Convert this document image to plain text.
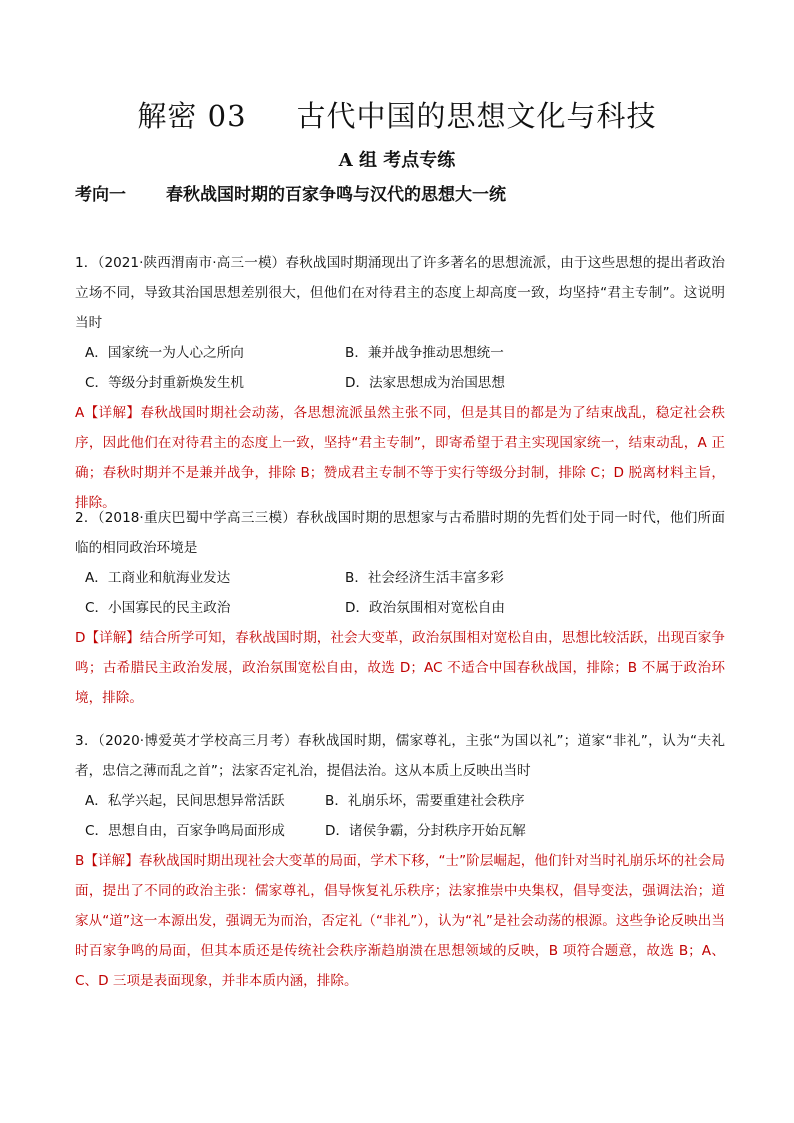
解密 03 古代中国的思想文化与科技
A 组 考点专练
考向一 春秋战国时期的百家争鸣与汉代的思想大一统
1．（2021·陕西渭南市·高三一模）春秋战国时期涌现出了许多著名的思想流派，由于这些思想的提出者政治立场不同，导致其治国思想差别很大，但他们在对待君主的态度上却高度一致，均坚持“君主专制”。这说明当时
A．国家统一为人心之所向	B．兼并战争推动思想统一
C．等级分封重新焕发生机	D．法家思想成为治国思想
A【详解】春秋战国时期社会动荡，各思想流派虽然主张不同，但是其目的都是为了结束战乱，稳定社会秩序，因此他们在对待君主的态度上一致，坚持“君主专制”，即寄希望于君主实现国家统一，结束动乱，A 正确；春秋时期并不是兼并战争，排除 B；赞成君主专制不等于实行等级分封制，排除 C；D 脱离材料主旨，排除。
2．（2018·重庆巴蜀中学高三三模）春秋战国时期的思想家与古希腊时期的先哲们处于同一时代，他们所面临的相同政治环境是
A．工商业和航海业发达	B．社会经济生活丰富多彩
C．小国寡民的民主政治	D．政治氛围相对宽松自由
D【详解】结合所学可知，春秋战国时期，社会大变革，政治氛围相对宽松自由，思想比较活跃，出现百家争鸣；古希腊民主政治发展，政治氛围宽松自由，故选 D；AC 不适合中国春秋战国，排除；B 不属于政治环境，排除。
3．（2020·博爱英才学校高三月考）春秋战国时期，儒家尊礼，主张“为国以礼”；道家“非礼”，认为“夫礼者，忠信之薄而乱之首”；法家否定礼治，提倡法治。这从本质上反映出当时
A．私学兴起，民间思想异常活跃	B．礼崩乐坏，需要重建社会秩序
C．思想自由，百家争鸣局面形成	D．诸侯争霸，分封秩序开始瓦解
B【详解】春秋战国时期出现社会大变革的局面，学术下移，“士”阶层崛起，他们针对当时礼崩乐坏的社会局面，提出了不同的政治主张：儒家尊礼，倡导恢复礼乐秩序；法家推崇中央集权，倡导变法，强调法治；道家从“道”这一本源出发，强调无为而治，否定礼（“非礼”），认为“礼”是社会动荡的根源。这些争论反映出当时百家争鸣的局面，但其本质还是传统社会秩序渐趋崩溃在思想领域的反映，B 项符合题意，故选 B；A、C、D 三项是表面现象，并非本质内涵，排除。
